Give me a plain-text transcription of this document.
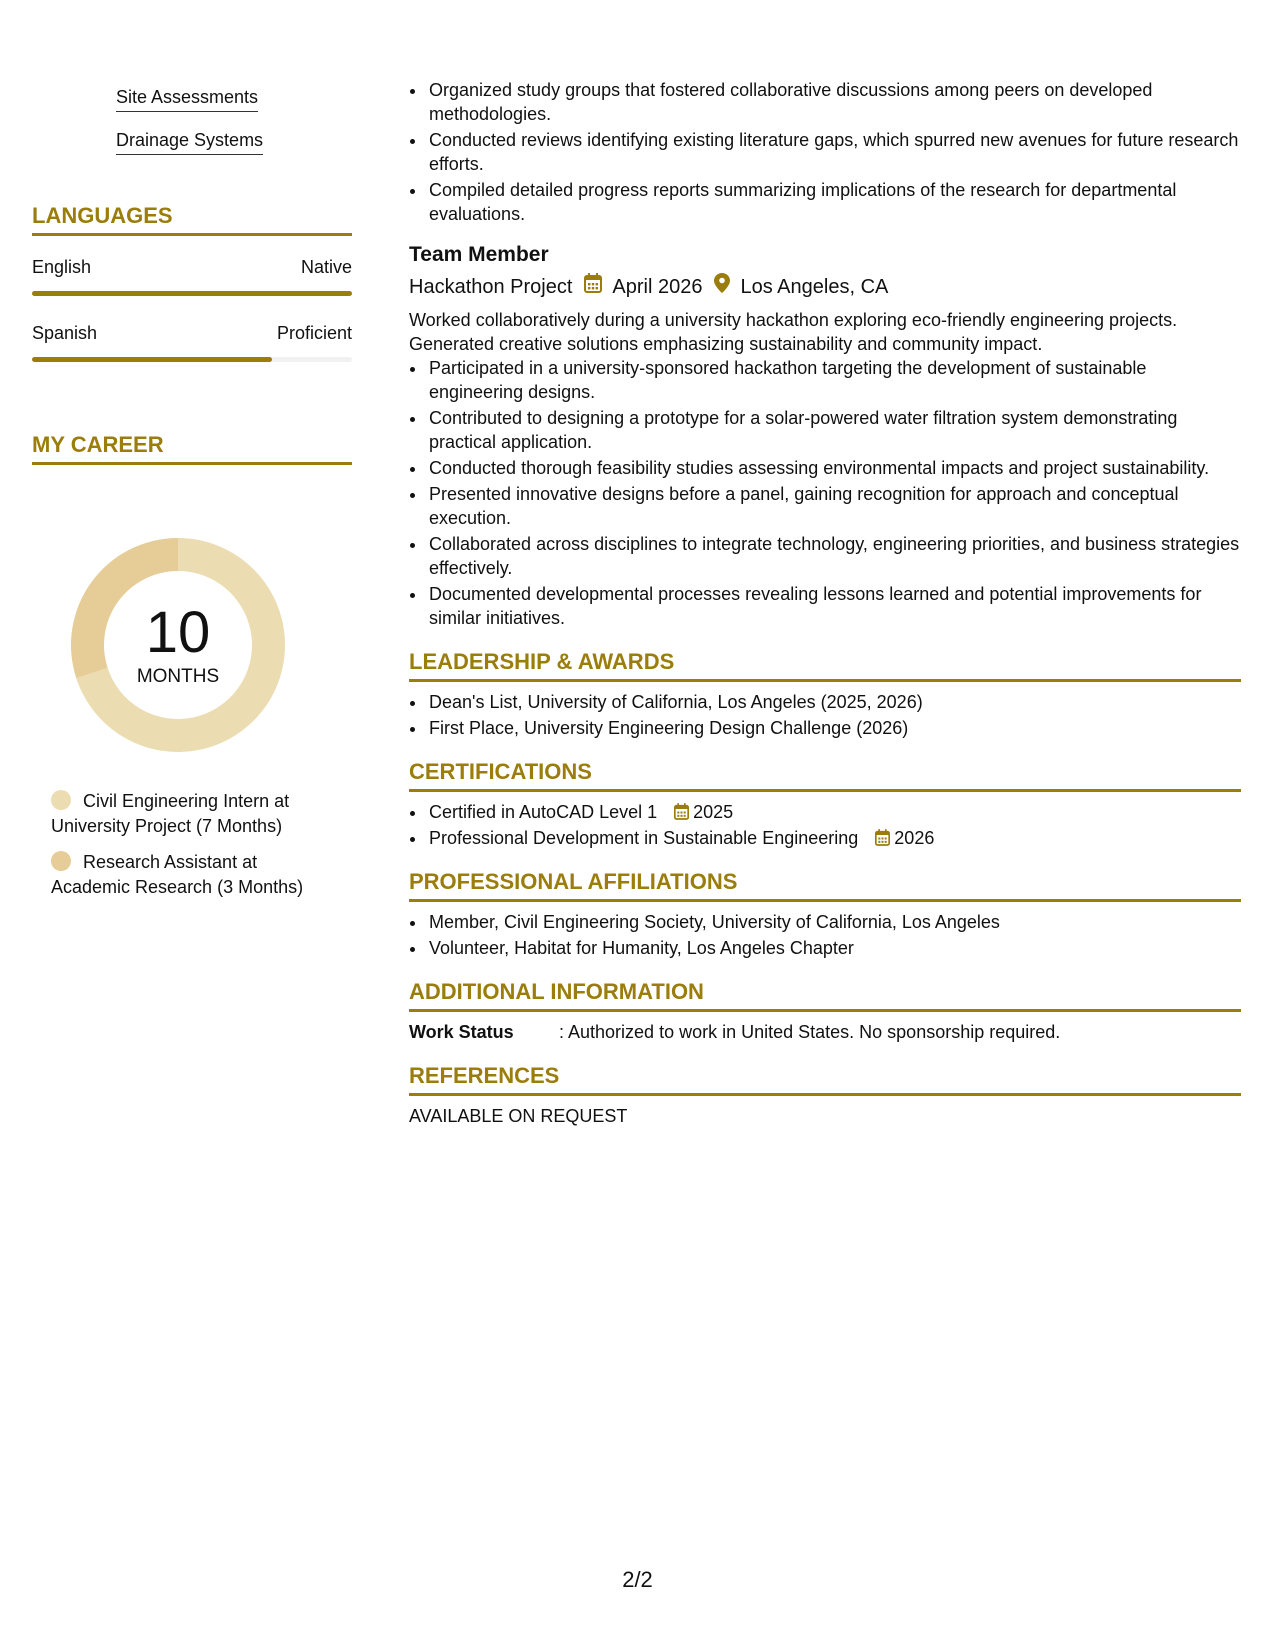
Site Assessments
Drainage Systems
LANGUAGES
English	Native
Spanish	Proficient
MY CAREER
10
MONTHS
Civil Engineering Intern at
University Project (7 Months)
Research Assistant at
Academic Research (3 Months)
• Organized study groups that fostered collaborative discussions among peers on developed methodologies.
• Conducted reviews identifying existing literature gaps, which spurred new avenues for future research efforts.
• Compiled detailed progress reports summarizing implications of the research for departmental evaluations.
Team Member
Hackathon Project April 2026 Los Angeles, CA
Worked collaboratively during a university hackathon exploring eco-friendly engineering projects. Generated creative solutions emphasizing sustainability and community impact.
• Participated in a university-sponsored hackathon targeting the development of sustainable engineering designs.
• Contributed to designing a prototype for a solar-powered water filtration system demonstrating practical application.
• Conducted thorough feasibility studies assessing environmental impacts and project sustainability.
• Presented innovative designs before a panel, gaining recognition for approach and conceptual execution.
• Collaborated across disciplines to integrate technology, engineering priorities, and business strategies effectively.
• Documented developmental processes revealing lessons learned and potential improvements for similar initiatives.
LEADERSHIP & AWARDS
• Dean's List, University of California, Los Angeles (2025, 2026)
• First Place, University Engineering Design Challenge (2026)
CERTIFICATIONS
• Certified in AutoCAD Level 1 2025
• Professional Development in Sustainable Engineering 2026
PROFESSIONAL AFFILIATIONS
• Member, Civil Engineering Society, University of California, Los Angeles
• Volunteer, Habitat for Humanity, Los Angeles Chapter
ADDITIONAL INFORMATION
Work Status	: Authorized to work in United States. No sponsorship required.
REFERENCES
AVAILABLE ON REQUEST
2/2
